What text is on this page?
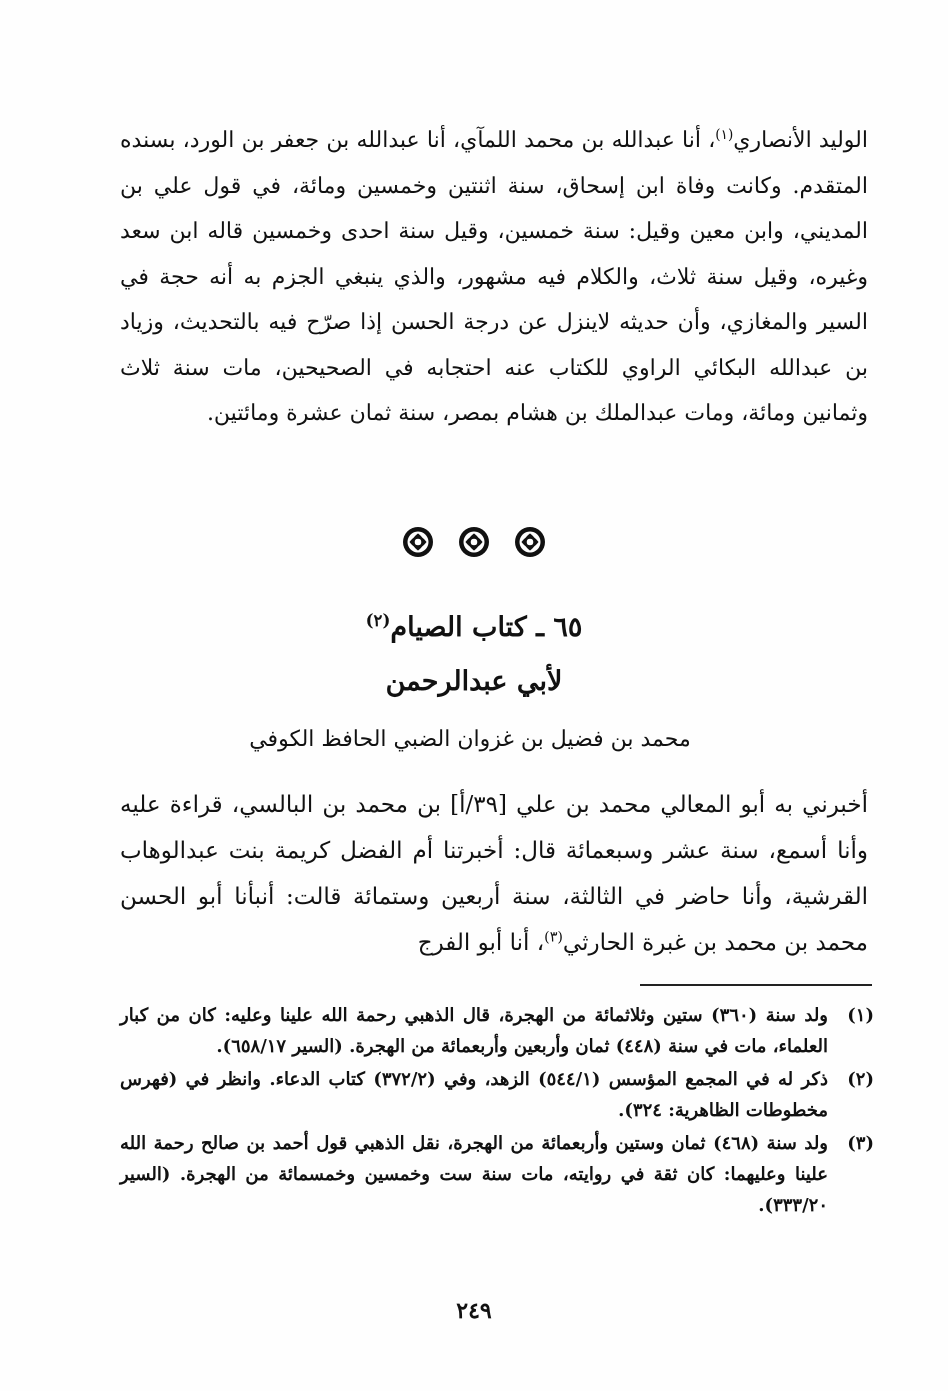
الوليد الأنصاري$^{(١)}$، أنا عبدالله بن محمد اللمآي، أنا عبدالله بن جعفر بن الورد، بسنده المتقدم. وكانت وفاة ابن إسحاق، سنة اثنتين وخمسين ومائة، في قول علي بن المديني، وابن معين وقيل: سنة خمسين، وقيل سنة احدى وخمسين قاله ابن سعد وغيره، وقيل سنة ثلاث، والكلام فيه مشهور، والذي ينبغي الجزم به أنه حجة في السير والمغازي، وأن حديثه لاينزل عن درجة الحسن إذا صرّح فيه بالتحديث، وزياد بن عبدالله البكائي الراوي للكتاب عنه احتجابه في الصحيحين، مات سنة ثلاث وثمانين ومائة، ومات عبدالملك بن هشام بمصر، سنة ثمان عشرة ومائتين.

٦٥ ـ كتاب الصيام$^{(٢)}$
لأبي عبدالرحمن
محمد بن فضيل بن غزوان الضبي الحافظ الكوفي

أخبرني به أبو المعالي محمد بن علي [٣٩/أ] بن محمد بن البالسي، قراءة عليه وأنا أسمع، سنة عشر وسبعمائة قال: أخبرتنا أم الفضل كريمة بنت عبدالوهاب القرشية، وأنا حاضر في الثالثة، سنة أربعين وستمائة قالت: أنبأنا أبو الحسن محمد بن محمد بن غبرة الحارثي$^{(٣)}$، أنا أبو الفرج

(١)
ولد سنة (٣٦٠) ستين وثلاثمائة من الهجرة، قال الذهبي رحمة الله علينا وعليه: كان من كبار العلماء، مات في سنة (٤٤٨) ثمان وأربعين وأربعمائة من الهجرة. (السير ٦٥٨/١٧).
(٢)
ذكر له في المجمع المؤسس (٥٤٤/١) الزهد، وفي (٣٧٢/٢) كتاب الدعاء. وانظر في (فهرس مخطوطات الظاهرية: ٣٢٤).
(٣)
ولد سنة (٤٦٨) ثمان وستين وأربعمائة من الهجرة، نقل الذهبي قول أحمد بن صالح رحمة الله علينا وعليهما: كان ثقة في روايته، مات سنة ست وخمسين وخمسمائة من الهجرة. (السير ٣٣٣/٢٠).
٢٤٩
